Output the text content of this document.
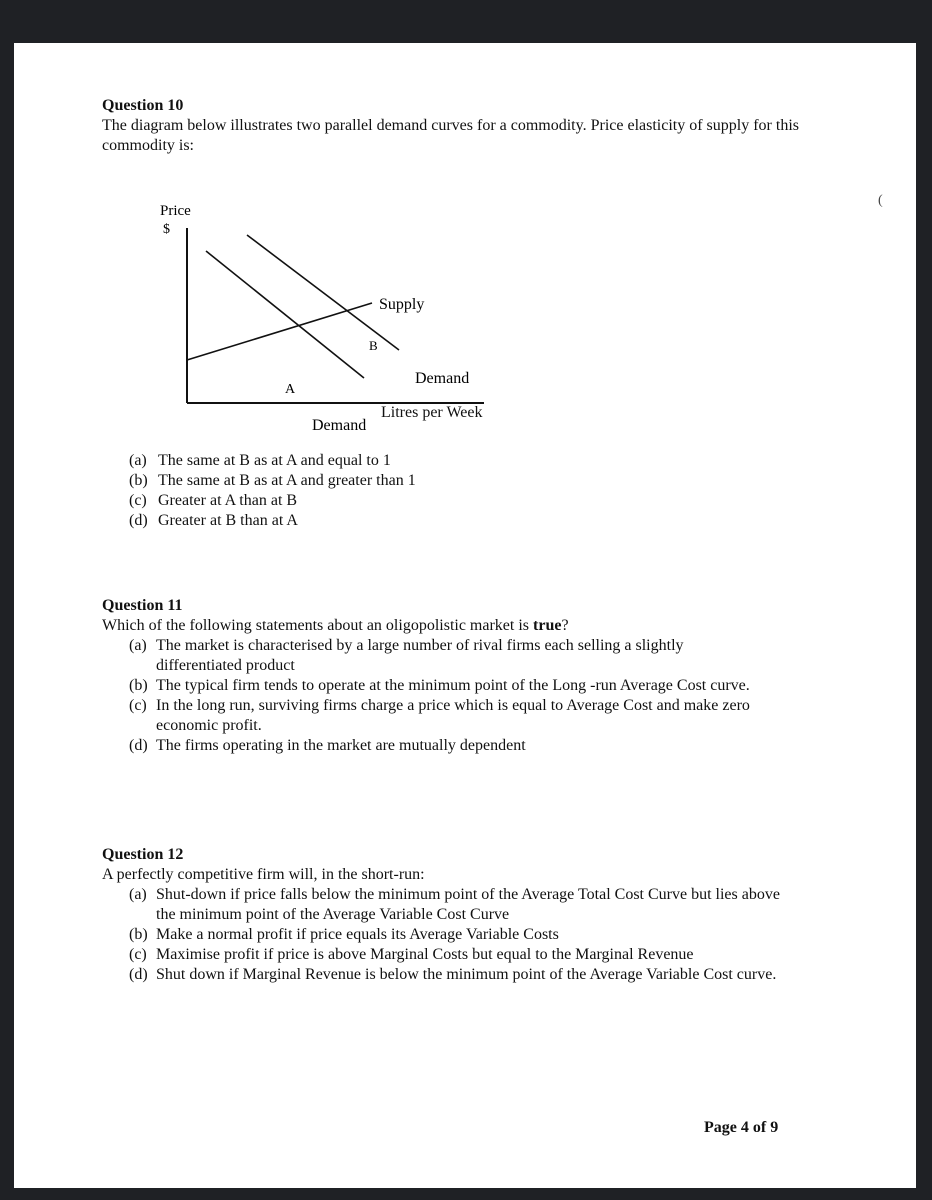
Question 10
The diagram below illustrates two parallel demand curves for a commodity. Price elasticity of supply for this commodity is:
Price
$
Supply
B
Demand
A
Demand
Litres per Week
(a) The same at B as at A and equal to 1
(b) The same at B as at A and greater than 1
(c) Greater at A than at B
(d) Greater at B than at A
Question 11
Which of the following statements about an oligopolistic market is true?
(a) The market is characterised by a large number of rival firms each selling a slightly differentiated product
(b) The typical firm tends to operate at the minimum point of the Long -run Average Cost curve.
(c) In the long run, surviving firms charge a price which is equal to Average Cost and make zero economic profit.
(d) The firms operating in the market are mutually dependent
Question 12
A perfectly competitive firm will, in the short-run:
(a) Shut-down if price falls below the minimum point of the Average Total Cost Curve but lies above the minimum point of the Average Variable Cost Curve
(b) Make a normal profit if price equals its Average Variable Costs
(c) Maximise profit if price is above Marginal Costs but equal to the Marginal Revenue
(d) Shut down if Marginal Revenue is below the minimum point of the Average Variable Cost curve.
Page 4 of 9
(
